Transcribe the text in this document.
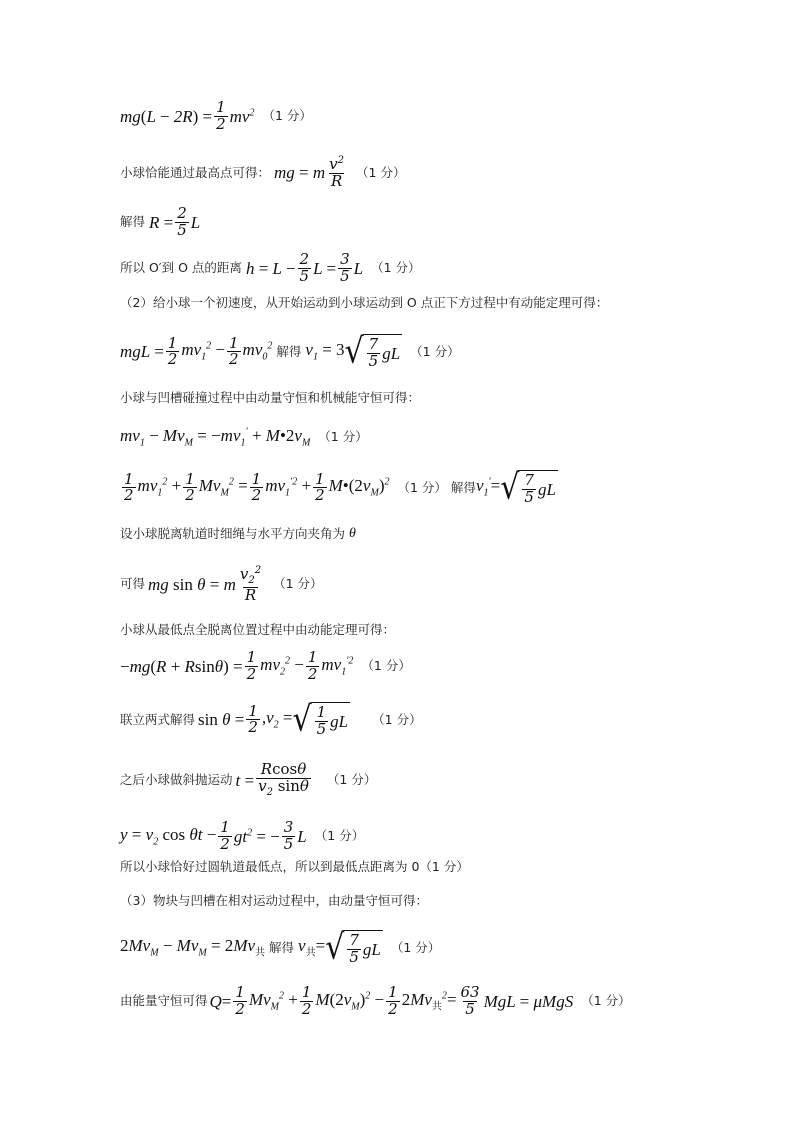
$mg(L - 2R) = \frac{1}{2} mv^2$ （1 分）
小球恰能通过最高点可得： mg = m $\frac{v^2}{R} (1$ 分）
解得 $R = \frac{2}{5}$ L
所以 O′到 O 点的距离 $h = L - \frac{2}{5}$ $L = \frac{3}{5}$ L （1 分）
（2）给小球一个初速度，从开始运动到小球运动到 O 点正下方过程中有动能定理可得：
mgL = $\frac{1}{2} mv_1^2 - \frac{1}{2} mv_0^2$ 解得 $v_1 = 3$ √ $\frac{7}{5}$ gL （1 分）
小球与凹槽碰撞过程中由动量守恒和机械能守恒可得：
$mv_1 - Mv_M = -mv_1'$ + $M•2v_M$ （1 分）
$\frac{1}{2} mv_1^2 + \frac{1}{2} Mv_M^2 = \frac{1}{2} mv_1^{'2} + \frac{1}{2}$ $M•(2v_M)^2$ （1 分） 解得 $v_1'=$ √ $\frac{7}{5}$ gL
设小球脱离轨道时细绳与水平方向夹角为 θ
可得 mg sin θ = m $\frac{v_2^2}{R} (1$ 分）
小球从最低点全脱离位置过程中由动能定理可得：
$-mg(R + Rsin\theta) = \frac{1}{2} mv_2^2 - \frac{1}{2} mv_1^{'2}$ （1 分）
联立两式解得 $\sin \theta = \frac{1}{2} ,v_2$ = √ $\frac{1}{5}$ gL （1 分）
之后小球做斜抛运动 $t = \frac{Rcos\theta}{v_2 \sin\theta} (1$ 分）
$y = v_2$ $\cos \theta t - \frac{1}{2} gt^2$ = − $\frac{3}{5}$ L （1 分）
所以小球恰好过圆轨道最低点，所以到最低点距离为 0（1 分）
（3）物块与凹槽在相对运动过程中，由动量守恒可得：
$2Mv_M - Mv_M = 2Mv_共$ 解得 $v_共=$ √ $\frac{7}{5}$ gL （1 分）
由能量守恒可得 $Q= \frac{1}{2} Mv_M^2 + \frac{1}{2} M(2v_M)^2 - \frac{1}{2} 2Mv_共^2= \frac{63}{5}$ MgL = μMgS （1 分）
